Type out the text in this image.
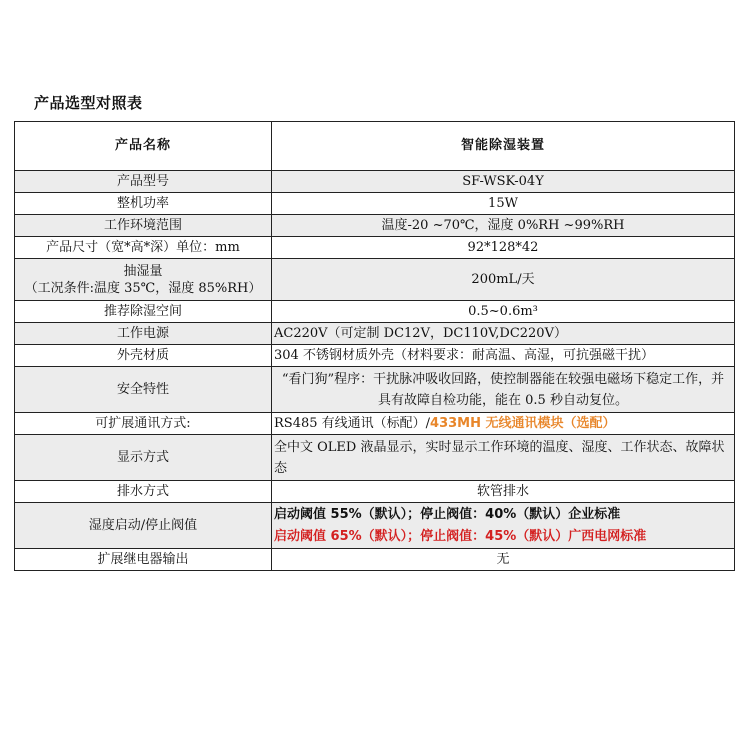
产品选型对照表
产品名称	智能除湿装置
产品型号	SF-WSK-04Y
整机功率	15W
工作环境范围	温度-20 ~70℃，湿度 0%RH ~99%RH
产品尺寸（宽*高*深）单位：mm	92*128*42

抽湿量
（工况条件:温度 35℃，湿度 85%RH）	200mL/天
推荐除湿空间	0.5~0.6m³
工作电源	AC220V（可定制 DC12V，DC110V,DC220V）
外壳材质	304 不锈钢材质外壳（材料要求：耐高温、高湿，可抗强磁干扰）
安全特性	“看门狗”程序：干扰脉冲吸收回路，使控制器能在较强电磁场下稳定工作，并具有故障自检功能，能在 0.5 秒自动复位。
可扩展通讯方式:	RS485 有线通讯（标配）/433MH 无线通讯模块（选配）
显示方式	全中文 OLED 液晶显示，实时显示工作环境的温度、湿度、工作状态、故障状态
排水方式	软管排水
湿度启动/停止阀值	启动阈值 55%（默认）；停止阀值：40%（默认）企业标准
启动阈值 65%（默认）；停止阀值：45%（默认）广西电网标准

扩展继电器输出	无
